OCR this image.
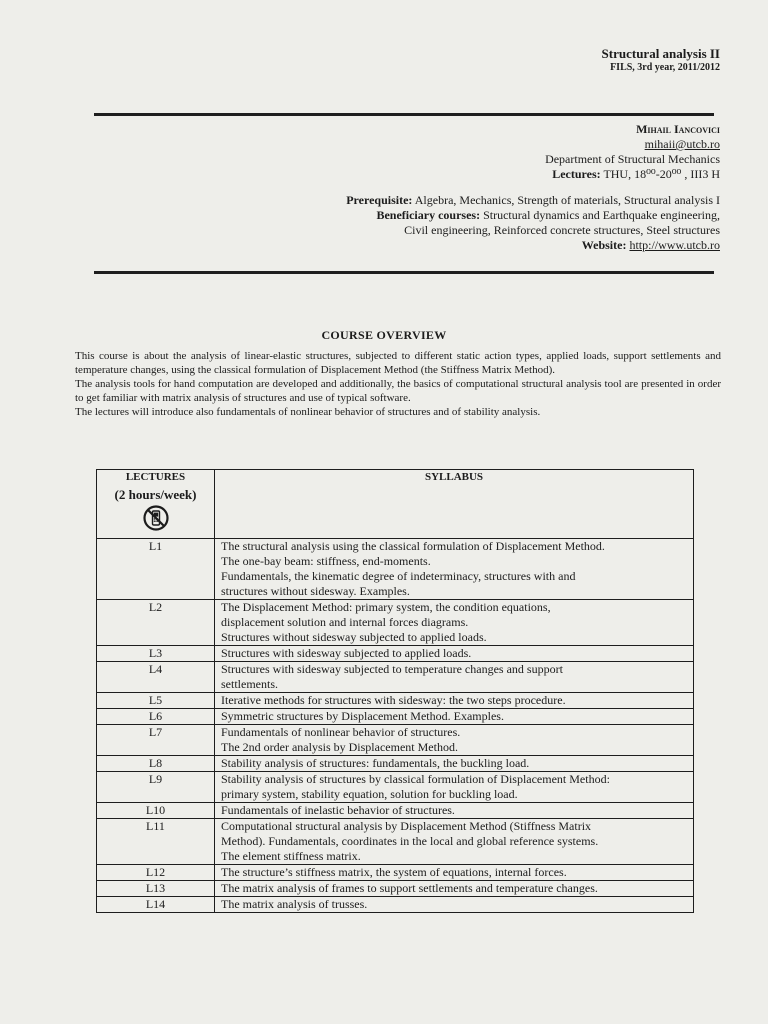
Structural analysis II
FILS, 3rd year, 2011/2012
Mihail Iancovici
mihaii@utcb.ro
Department of Structural Mechanics
Lectures: THU, 18⁰⁰-20⁰⁰ , III3 H
Prerequisite: Algebra, Mechanics, Strength of materials, Structural analysis I
Beneficiary courses: Structural dynamics and Earthquake engineering,
Civil engineering, Reinforced concrete structures, Steel structures
Website: http://www.utcb.ro
COURSE OVERVIEW

This course is about the analysis of linear-elastic structures, subjected to different static action types, applied loads, support settlements and temperature changes, using the classical formulation of Displacement Method (the Stiffness Matrix Method).

The analysis tools for hand computation are developed and additionally, the basics of computational structural analysis tool are presented in order to get familiar with matrix analysis of structures and use of typical software.

The lectures will introduce also fundamentals of nonlinear behavior of structures and of stability analysis.

LECTURES
(2 hours/week)	SYLLABUS
L1	The structural analysis using the classical formulation of Displacement Method.
The one-bay beam: stiffness, end-moments.
Fundamentals, the kinematic degree of indeterminacy, structures with and
structures without sidesway. Examples.

L2	The Displacement Method: primary system, the condition equations,
displacement solution and internal forces diagrams.
Structures without sidesway subjected to applied loads.

L3	Structures with sidesway subjected to applied loads.

L4	Structures with sidesway subjected to temperature changes and support
settlements.

L5	Iterative methods for structures with sidesway: the two steps procedure.

L6	Symmetric structures by Displacement Method. Examples.

L7	Fundamentals of nonlinear behavior of structures.
The 2nd order analysis by Displacement Method.

L8	Stability analysis of structures: fundamentals, the buckling load.

L9	Stability analysis of structures by classical formulation of Displacement Method:
primary system, stability equation, solution for buckling load.

L10	Fundamentals of inelastic behavior of structures.

L11	Computational structural analysis by Displacement Method (Stiffness Matrix
Method). Fundamentals, coordinates in the local and global reference systems.
The element stiffness matrix.

L12	The structure’s stiffness matrix, the system of equations, internal forces.

L13	The matrix analysis of frames to support settlements and temperature changes.

L14	The matrix analysis of trusses.
